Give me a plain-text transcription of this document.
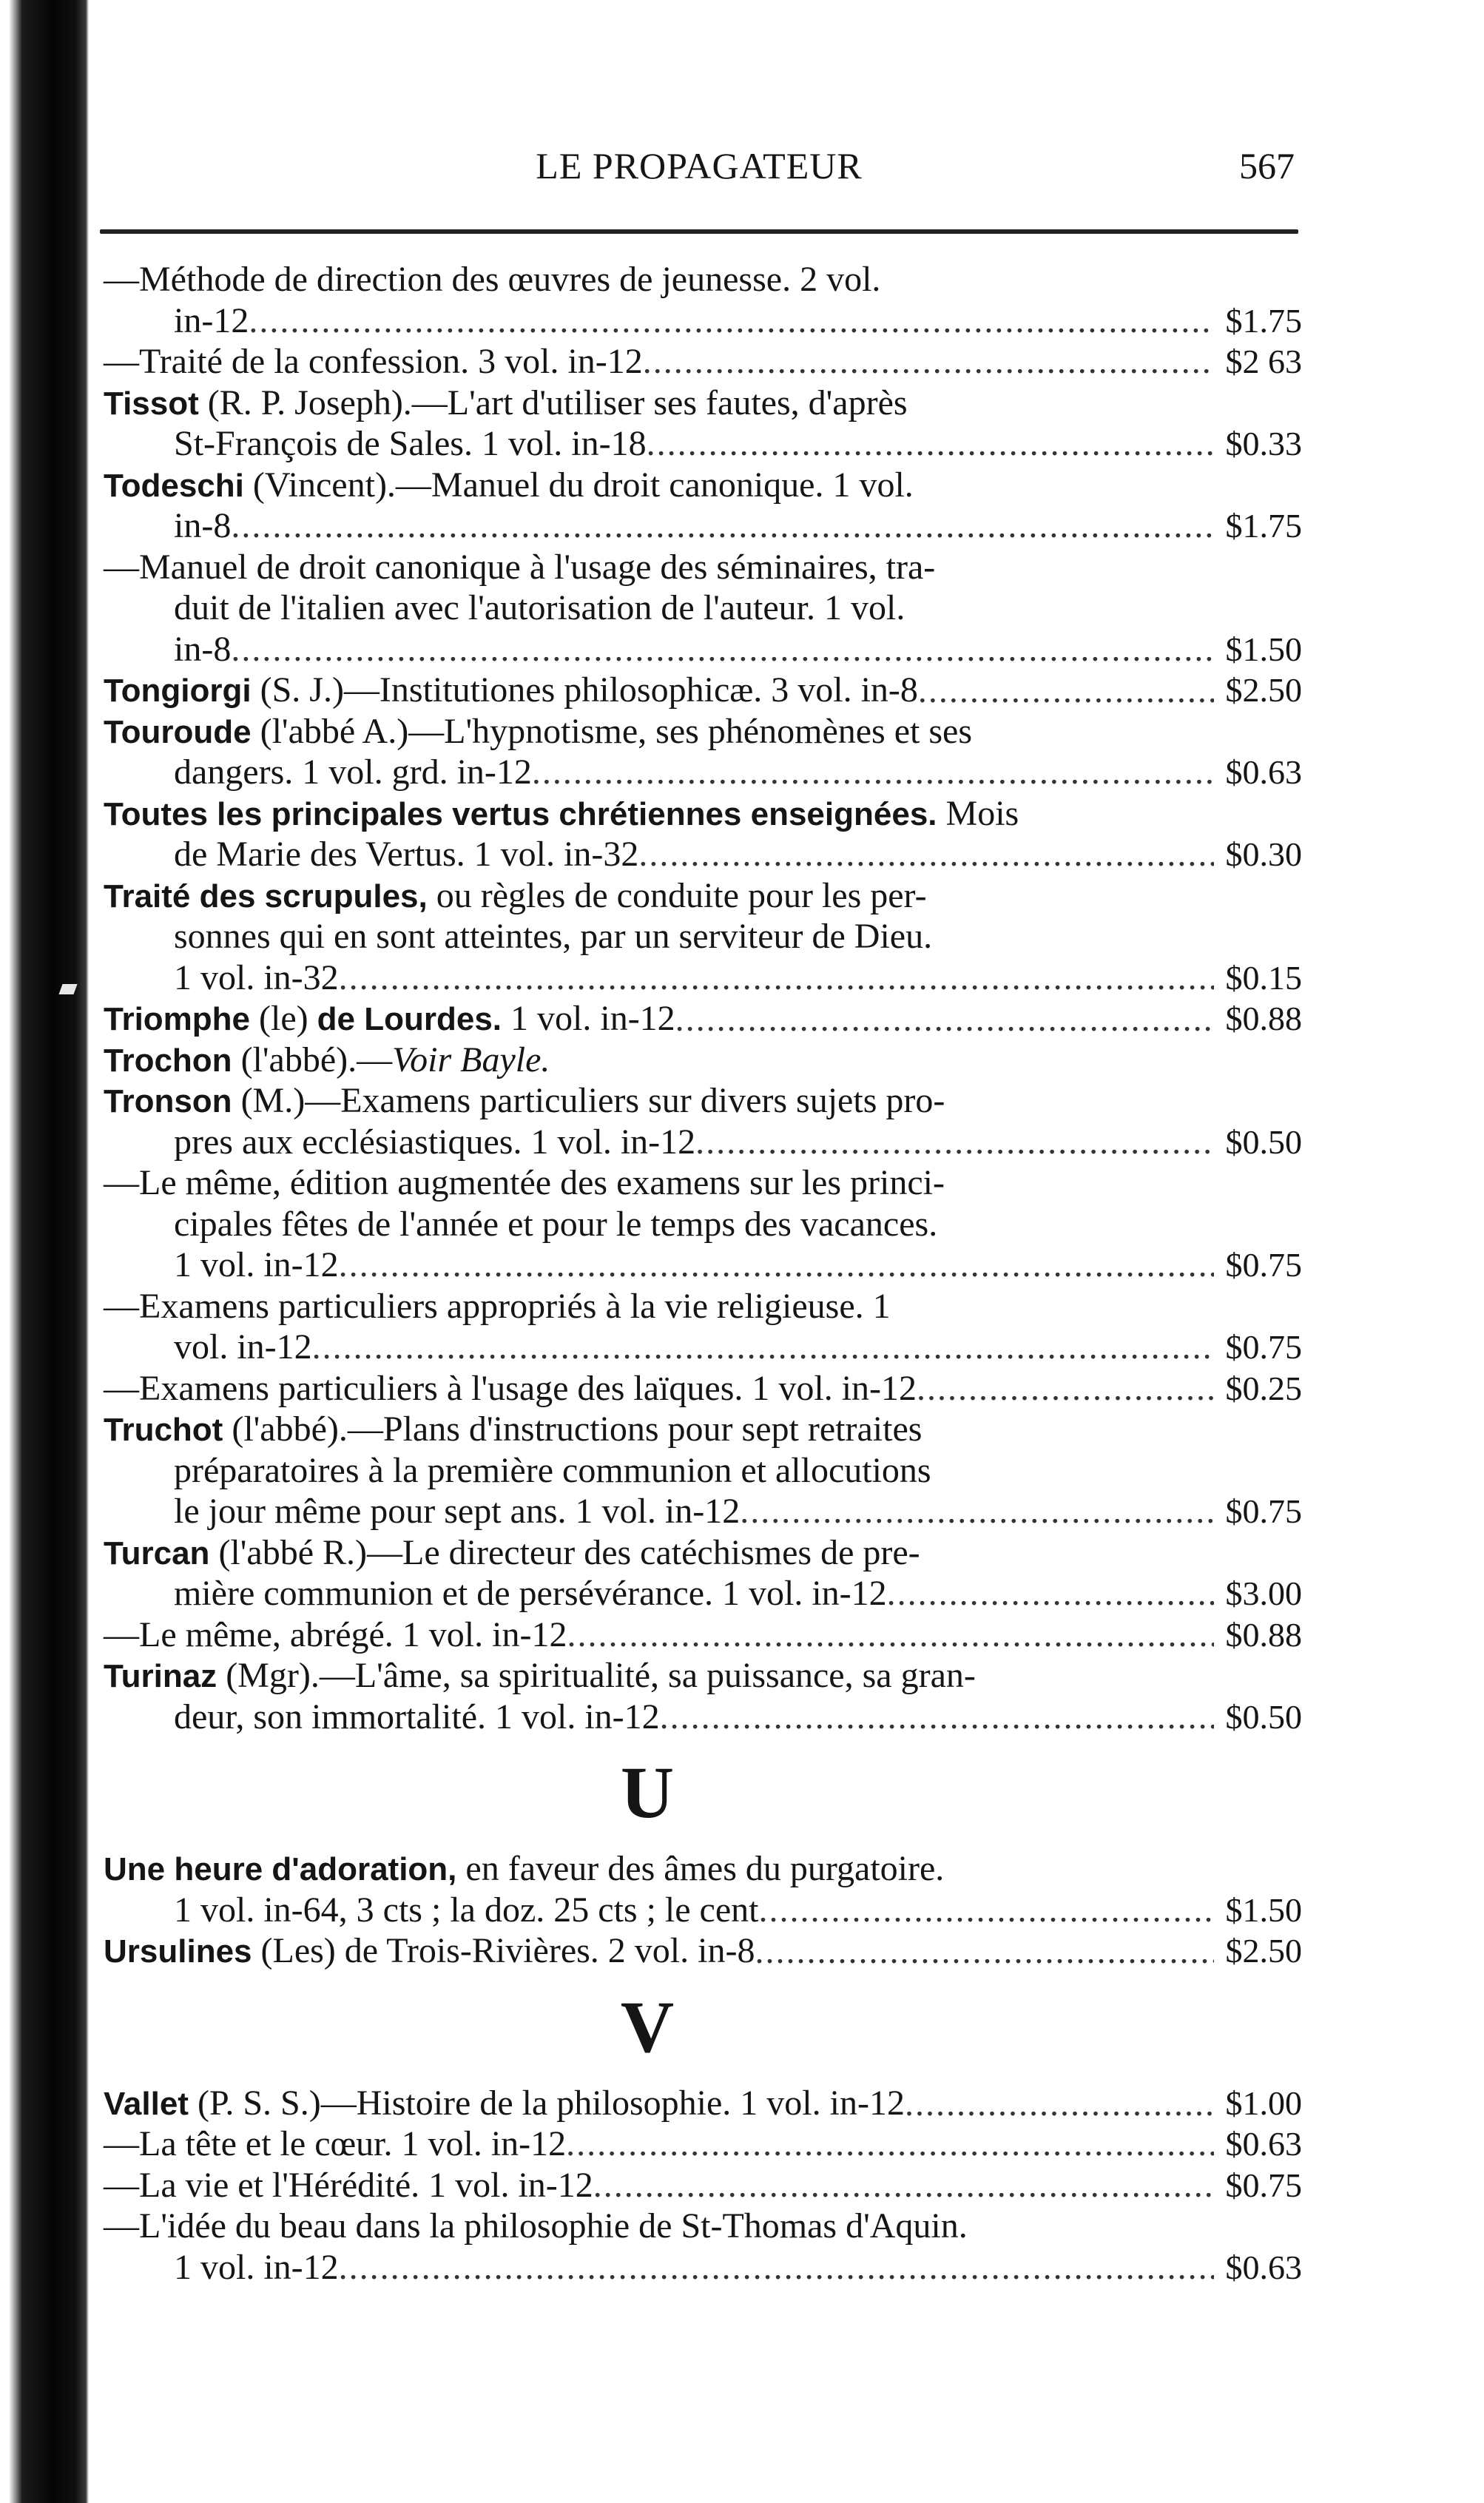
LE PROPAGATEUR	567
—Méthode de direction des œuvres de jeunesse. 2 vol.
in-12 .....	$1.75
—Traité de la confession. 3 vol. in-12 .....	$2 63
Tissot (R. P. Joseph).—L'art d'utiliser ses fautes, d'après
St-François de Sales. 1 vol. in-18 .....	$0.33
Todeschi (Vincent).—Manuel du droit canonique. 1 vol.
in-8 .....	$1.75
—Manuel de droit canonique à l'usage des séminaires, tra-
duit de l'italien avec l'autorisation de l'auteur. 1 vol.
in-8 .....	$1.50
Tongiorgi (S. J.)—Institutiones philosophicæ. 3 vol. in-8 .....	$2.50
Touroude (l'abbé A.)—L'hypnotisme, ses phénomènes et ses
dangers. 1 vol. grd. in-12 .....	$0.63
Toutes les principales vertus chrétiennes enseignées. Mois
de Marie des Vertus. 1 vol. in-32 .....	$0.30
Traité des scrupules, ou règles de conduite pour les per-
sonnes qui en sont atteintes, par un serviteur de Dieu.
1 vol. in-32 .....	$0.15
Triomphe (le) de Lourdes. 1 vol. in-12 .....	$0.88
Trochon (l'abbé).—Voir Bayle.
Tronson (M.)—Examens particuliers sur divers sujets pro-
pres aux ecclésiastiques. 1 vol. in-12 .....	$0.50
—Le même, édition augmentée des examens sur les princi-
cipales fêtes de l'année et pour le temps des vacances.
1 vol. in-12 .....	$0.75
—Examens particuliers appropriés à la vie religieuse. 1
vol. in-12 .....	$0.75
—Examens particuliers à l'usage des laïques. 1 vol. in-12 .....	$0.25
Truchot (l'abbé).—Plans d'instructions pour sept retraites
préparatoires à la première communion et allocutions
le jour même pour sept ans. 1 vol. in-12 .....	$0.75
Turcan (l'abbé R.)—Le directeur des catéchismes de pre-
mière communion et de persévérance. 1 vol. in-12 .....	$3.00
—Le même, abrégé. 1 vol. in-12 .....	$0.88
Turinaz (Mgr).—L'âme, sa spiritualité, sa puissance, sa gran-
deur, son immortalité. 1 vol. in-12 .....	$0.50
U
Une heure d'adoration, en faveur des âmes du purgatoire.
1 vol. in-64, 3 cts ; la doz. 25 cts ; le cent .....	$1.50
Ursulines (Les) de Trois-Rivières. 2 vol. in-8 .....	$2.50
V
Vallet (P. S. S.)—Histoire de la philosophie. 1 vol. in-12 .....	$1.00
—La tête et le cœur. 1 vol. in-12 .....	$0.63
—La vie et l'Hérédité. 1 vol. in-12 .....	$0.75
—L'idée du beau dans la philosophie de St-Thomas d'Aquin.
1 vol. in-12 .....	$0.63
